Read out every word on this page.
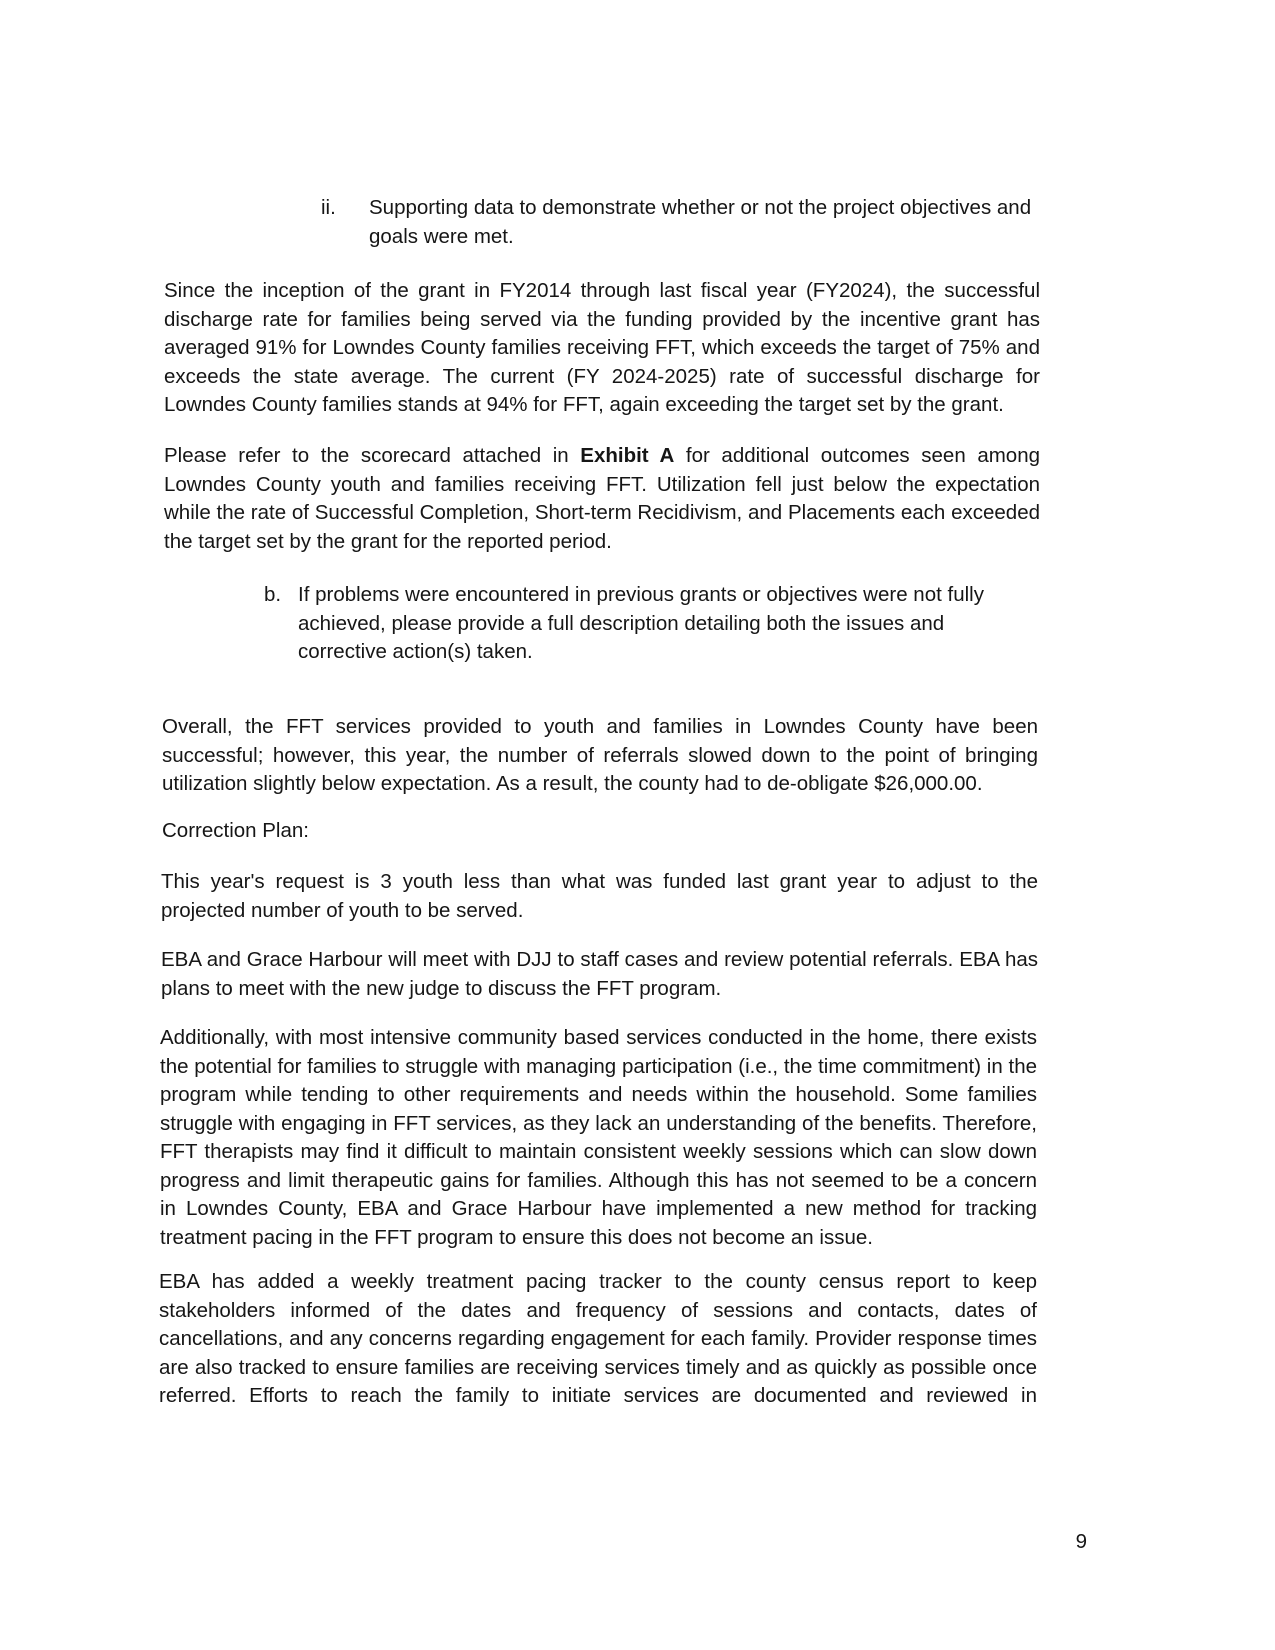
ii.	Supporting data to demonstrate whether or not the project objectives and goals were met.

Since the inception of the grant in FY2014 through last fiscal year (FY2024), the successful discharge rate for families being served via the funding provided by the incentive grant has averaged 91% for Lowndes County families receiving FFT, which exceeds the target of 75% and exceeds the state average. The current (FY 2024-2025) rate of successful discharge for Lowndes County families stands at 94% for FFT, again exceeding the target set by the grant.

Please refer to the scorecard attached in Exhibit A for additional outcomes seen among Lowndes County youth and families receiving FFT. Utilization fell just below the expectation while the rate of Successful Completion, Short-term Recidivism, and Placements each exceeded the target set by the grant for the reported period.

b. If problems were encountered in previous grants or objectives were not fully achieved, please provide a full description detailing both the issues and corrective action(s) taken.

Overall, the FFT services provided to youth and families in Lowndes County have been successful; however, this year, the number of referrals slowed down to the point of bringing utilization slightly below expectation. As a result, the county had to de-obligate $26,000.00.

Correction Plan:

This year's request is 3 youth less than what was funded last grant year to adjust to the projected number of youth to be served.

EBA and Grace Harbour will meet with DJJ to staff cases and review potential referrals. EBA has plans to meet with the new judge to discuss the FFT program.

Additionally, with most intensive community based services conducted in the home, there exists the potential for families to struggle with managing participation (i.e., the time commitment) in the program while tending to other requirements and needs within the household. Some families struggle with engaging in FFT services, as they lack an understanding of the benefits. Therefore, FFT therapists may find it difficult to maintain consistent weekly sessions which can slow down progress and limit therapeutic gains for families. Although this has not seemed to be a concern in Lowndes County, EBA and Grace Harbour have implemented a new method for tracking treatment pacing in the FFT program to ensure this does not become an issue.

EBA has added a weekly treatment pacing tracker to the county census report to keep stakeholders informed of the dates and frequency of sessions and contacts, dates of cancellations, and any concerns regarding engagement for each family. Provider response times are also tracked to ensure families are receiving services timely and as quickly as possible once referred. Efforts to reach the family to initiate services are documented and reviewed in

9
